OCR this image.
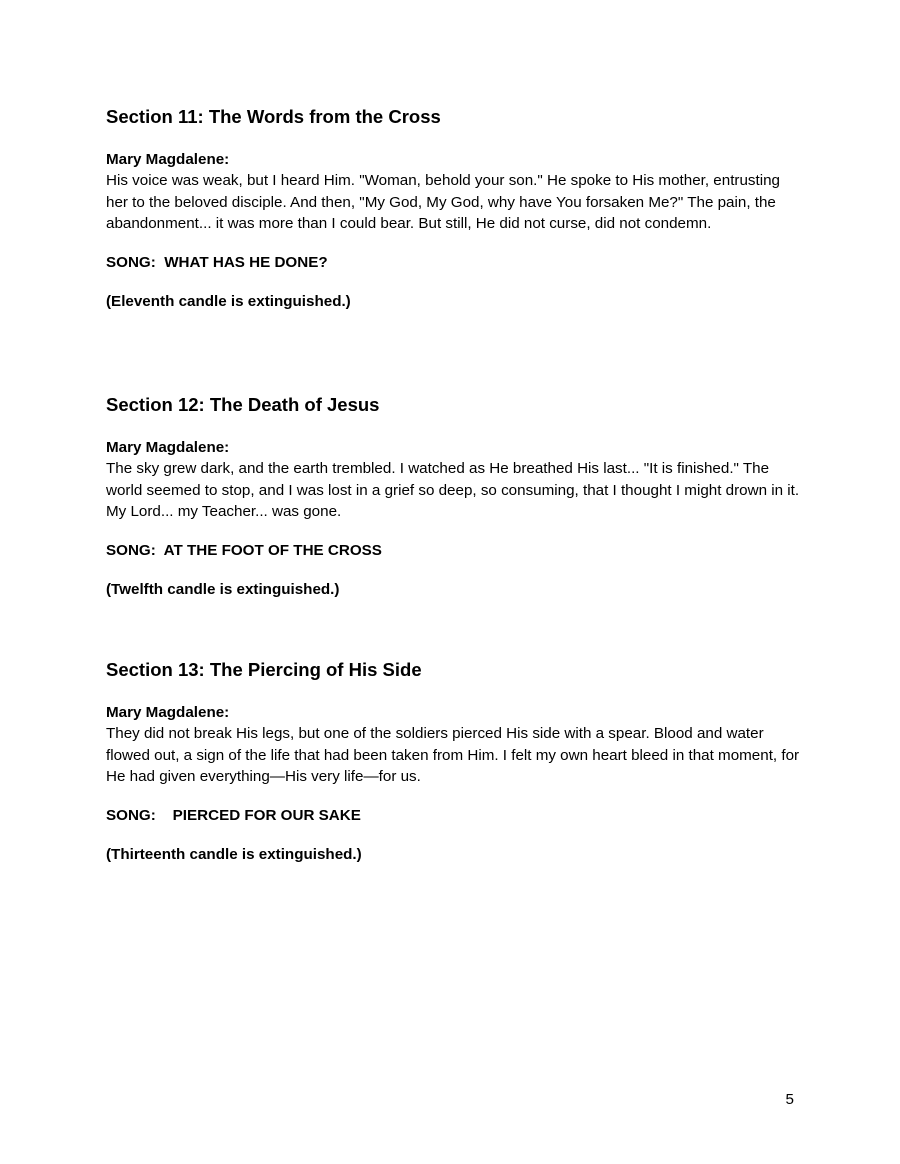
Section 11: The Words from the Cross

Mary Magdalene:

His voice was weak, but I heard Him. "Woman, behold your son." He spoke to His mother, entrusting her to the beloved disciple. And then, "My God, My God, why have You forsaken Me?" The pain, the abandonment... it was more than I could bear. But still, He did not curse, did not condemn.

SONG:  WHAT HAS HE DONE?

(Eleventh candle is extinguished.)

Section 12: The Death of Jesus

Mary Magdalene:

The sky grew dark, and the earth trembled. I watched as He breathed His last... "It is finished." The world seemed to stop, and I was lost in a grief so deep, so consuming, that I thought I might drown in it. My Lord... my Teacher... was gone.

SONG:  AT THE FOOT OF THE CROSS

(Twelfth candle is extinguished.)

Section 13: The Piercing of His Side

Mary Magdalene:

They did not break His legs, but one of the soldiers pierced His side with a spear. Blood and water flowed out, a sign of the life that had been taken from Him. I felt my own heart bleed in that moment, for He had given everything—His very life—for us.

SONG:    PIERCED FOR OUR SAKE

(Thirteenth candle is extinguished.)

5
